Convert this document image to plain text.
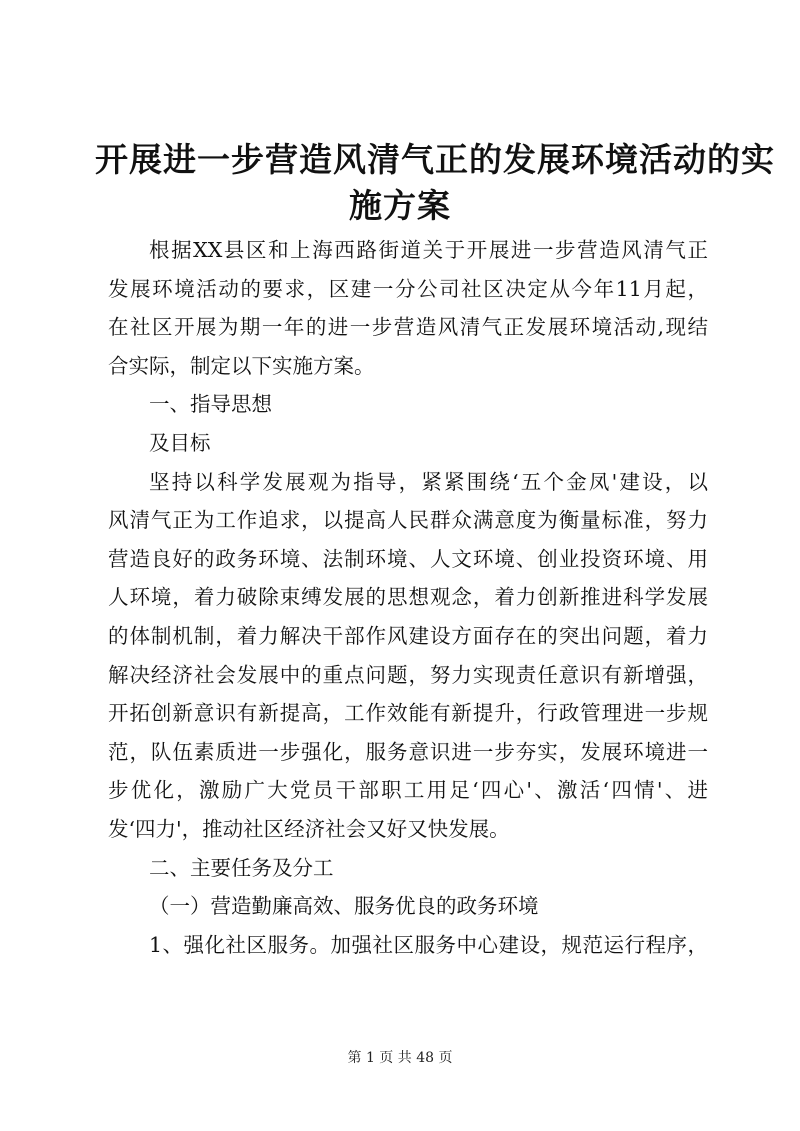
开展进一步营造风清气正的发展环境活动的实
施方案
根据XX县区和上海西路街道关于开展进一步营造风清气正
发展环境活动的要求，区建一分公司社区决定从今年11月起，
在社区开展为期一年的进一步营造风清气正发展环境活动,现结
合实际，制定以下实施方案。
一、指导思想
及目标
坚持以科学发展观为指导，紧紧围绕‘五个金凤'建设，以
风清气正为工作追求，以提高人民群众满意度为衡量标准，努力
营造良好的政务环境、法制环境、人文环境、创业投资环境、用
人环境，着力破除束缚发展的思想观念，着力创新推进科学发展
的体制机制，着力解决干部作风建设方面存在的突出问题，着力
解决经济社会发展中的重点问题，努力实现责任意识有新增强，
开拓创新意识有新提高，工作效能有新提升，行政管理进一步规
范，队伍素质进一步强化，服务意识进一步夯实，发展环境进一
步优化，激励广大党员干部职工用足‘四心'、激活‘四情'、进
发‘四力'，推动社区经济社会又好又快发展。
二、主要任务及分工
（一）营造勤廉高效、服务优良的政务环境
1、强化社区服务。加强社区服务中心建设，规范运行程序，
第 1 页 共 48 页
